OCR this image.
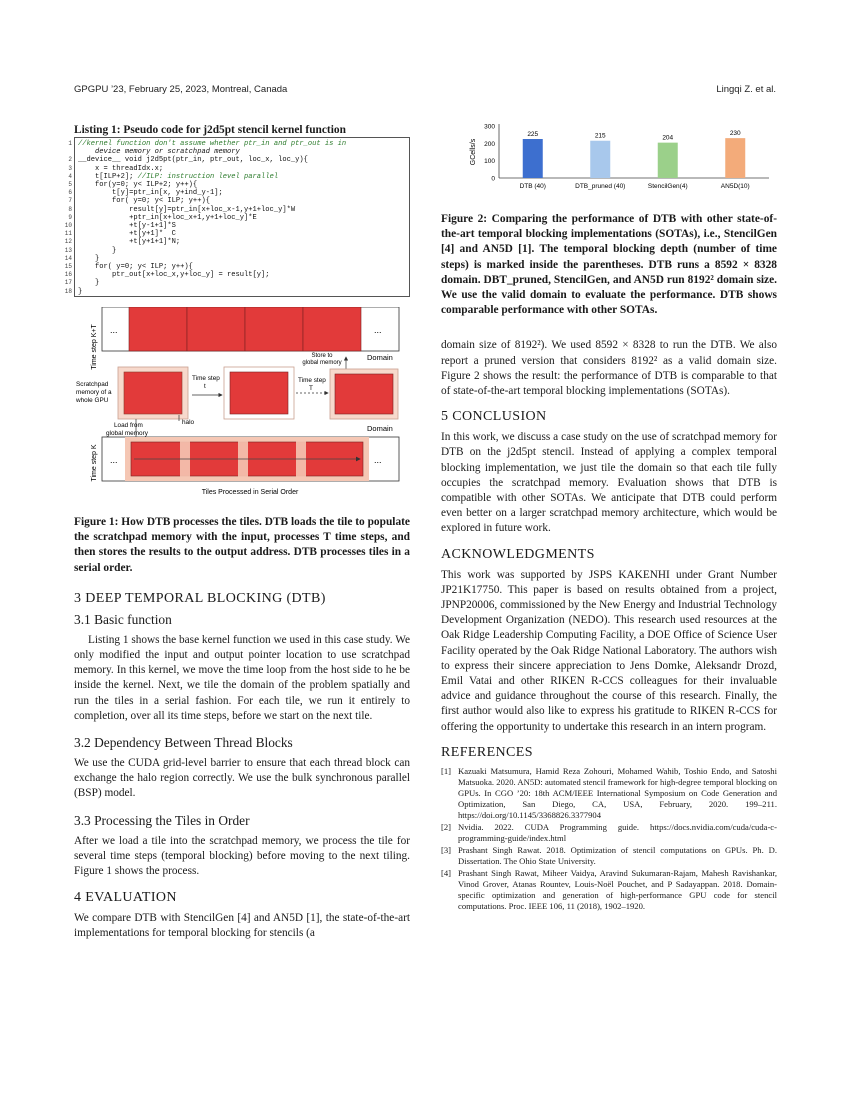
GPGPU ’23, February 25, 2023, Montreal, Canada	Lingqi Z. et al.
Listing 1: Pseudo code for j2d5pt stencil kernel function
1 //kernel function don't assume whether ptr_in and ptr_out is in
device memory or scratchpad memory
2 __device__ void j2d5pt(ptr_in, ptr_out, loc_x, loc_y){
3 x = threadIdx.x;
4 t[ILP+2]; //ILP: instruction level parallel
5 for(y=0; y< ILP+2; y++){
6 t[y]=ptr_in[x, y+ind_y-1];
7 for( y=0; y< ILP; y++){
8 result[y]=ptr_in[x+loc_x-1,y+1+loc_y]*W
9 +ptr_in[x+loc_x+1,y+1+loc_y]*E
10 +t[y-1+1]*S
11 +t[y+1]*  C
12 +t[y+1+1]*N;
13 }
14 }
15 for( y=0; y< ILP; y++){
16 ptr_out[x+loc_x,y+loc_y] = result[y];
17 }
18 }
Time step K+T ...	...
Domain
Store to
global memory
Scratchpad
memory of a
whole GPU
Time step
t
Time step
T
Load from
global memory
halo
Domain
Time step K ...	...
Tiles Processed in Serial Order
Figure 1: How DTB processes the tiles. DTB loads the tile to populate the scratchpad memory with the input, processes T time steps, and then stores the results to the output address. DTB processes tiles in a serial order.
3 DEEP TEMPORAL BLOCKING (DTB)
3.1 Basic function

Listing 1 shows the base kernel function we used in this case study. We only modified the input and output pointer location to use scratchpad memory. In this kernel, we move the time loop from the host side to he be inside the kernel. Next, we tile the domain of the problem spatially and run the tiles in a serial fashion. For each tile, we run it entirely to completion, over all its time steps, before we start on the next tile.

3.2 Dependency Between Thread Blocks

We use the CUDA grid-level barrier to ensure that each thread block can exchange the halo region correctly. We use the bulk synchronous parallel (BSP) model.

3.3 Processing the Tiles in Order

After we load a tile into the scratchpad memory, we process the tile for several time steps (temporal blocking) before moving to the next tiling. Figure 1 shows the process.

4 EVALUATION

We compare DTB with StencilGen [4] and AN5D [1], the state-of-the-art implementations for temporal blocking for stencils (a

0
100
200
300
GCells/s
225
DTB (40)
215
DTB_pruned (40)
204
StencilGen(4)
230
AN5D(10)
Figure 2: Comparing the performance of DTB with other state-of-the-art temporal blocking implementations (SOTAs), i.e., StencilGen [4] and AN5D [1]. The temporal blocking depth (number of time steps) is marked inside the parentheses. DTB runs a 8592 × 8328 domain. DBT_pruned, StencilGen, and AN5D run 8192² domain size. We use the valid domain to evaluate the performance. DTB shows comparable performance with other SOTAs.

domain size of 8192²). We used 8592 × 8328 to run the DTB. We also report a pruned version that considers 8192² as a valid domain size. Figure 2 shows the result: the performance of DTB is comparable to that of state-of-the-art temporal blocking implementations (SOTAs).

5 CONCLUSION

In this work, we discuss a case study on the use of scratchpad memory for DTB on the j2d5pt stencil. Instead of applying a complex temporal blocking implementation, we just tile the domain so that each tile fully occupies the scratchpad memory. Evaluation shows that DTB is compatible with other SOTAs. We anticipate that DTB could perform even better on a larger scratchpad memory architecture, which would be explored in future work.

ACKNOWLEDGMENTS

This work was supported by JSPS KAKENHI under Grant Number JP21K17750. This paper is based on results obtained from a project, JPNP20006, commissioned by the New Energy and Industrial Technology Development Organization (NEDO). This research used resources at the Oak Ridge Leadership Computing Facility, a DOE Office of Science User Facility operated by the Oak Ridge National Laboratory. The authors wish to express their sincere appreciation to Jens Domke, Aleksandr Drozd, Emil Vatai and other RIKEN R-CCS colleagues for their invaluable advice and guidance throughout the course of this research. Finally, the first author would also like to express his gratitude to RIKEN R-CCS for offering the opportunity to undertake this research in an intern program.

REFERENCES
[1] Kazuaki Matsumura, Hamid Reza Zohouri, Mohamed Wahib, Toshio Endo, and Satoshi Matsuoka. 2020. AN5D: automated stencil framework for high-degree temporal blocking on GPUs. In CGO ’20: 18th ACM/IEEE International Symposium on Code Generation and Optimization, San Diego, CA, USA, February, 2020. 199–211. https://doi.org/10.1145/3368826.3377904
[2] Nvidia. 2022. CUDA Programming guide. https://docs.nvidia.com/cuda/cuda-c-programming-guide/index.html
[3] Prashant Singh Rawat. 2018. Optimization of stencil computations on GPUs. Ph. D. Dissertation. The Ohio State University.
[4] Prashant Singh Rawat, Miheer Vaidya, Aravind Sukumaran-Rajam, Mahesh Ravishankar, Vinod Grover, Atanas Rountev, Louis-Noël Pouchet, and P Sadayappan. 2018. Domain-specific optimization and generation of high-performance GPU code for stencil computations. Proc. IEEE 106, 11 (2018), 1902–1920.
